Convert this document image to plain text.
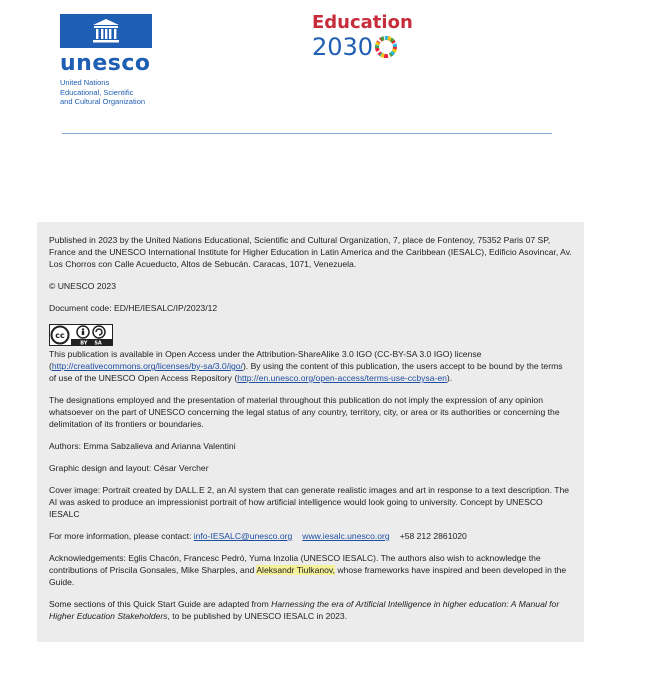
unesco
United Nations
Educational, Scientific
and Cultural Organization
Education
2030

Published in 2023 by the United Nations Educational, Scientific and Cultural Organization, 7, place de Fontenoy, 75352 Paris 07 SP, France and the UNESCO International Institute for Higher Education in Latin America and the Caribbean (IESALC), Edificio Asovincar, Av. Los Chorros con Calle Acueducto, Altos de Sebucán. Caracas, 1071, Venezuela.

© UNESCO 2023

Document code: ED/HE/IESALC/IP/2023/12

cc
BY    SA

This publication is available in Open Access under the Attribution-ShareAlike 3.0 IGO (CC-BY-SA 3.0 IGO) license (http://creativecommons.org/licenses/by-sa/3.0/igo/). By using the content of this publication, the users accept to be bound by the terms of use of the UNESCO Open Access Repository (http://en.unesco.org/open-access/terms-use-ccbysa-en).

The designations employed and the presentation of material throughout this publication do not imply the expression of any opinion whatsoever on the part of UNESCO concerning the legal status of any country, territory, city, or area or its authorities or concerning the delimitation of its frontiers or boundaries.

Authors: Emma Sabzalieva and Arianna Valentini

Graphic design and layout: César Vercher

Cover image: Portrait created by DALL.E 2, an AI system that can generate realistic images and art in response to a text description. The AI was asked to produce an impressionist portrait of how artificial intelligence would look going to university. Concept by UNESCO IESALC

For more information, please contact: info-IESALC@unesco.org www.iesalc.unesco.org +58 212 2861020

Acknowledgements: Eglis Chacón, Francesc Pedró, Yuma Inzolia (UNESCO IESALC). The authors also wish to acknowledge the contributions of Priscila Gonsales, Mike Sharples, and Aleksandr Tiulkanov, whose frameworks have inspired and been developed in the Guide.

Some sections of this Quick Start Guide are adapted from Harnessing the era of Artificial Intelligence in higher education: A Manual for Higher Education Stakeholders, to be published by UNESCO IESALC in 2023.
